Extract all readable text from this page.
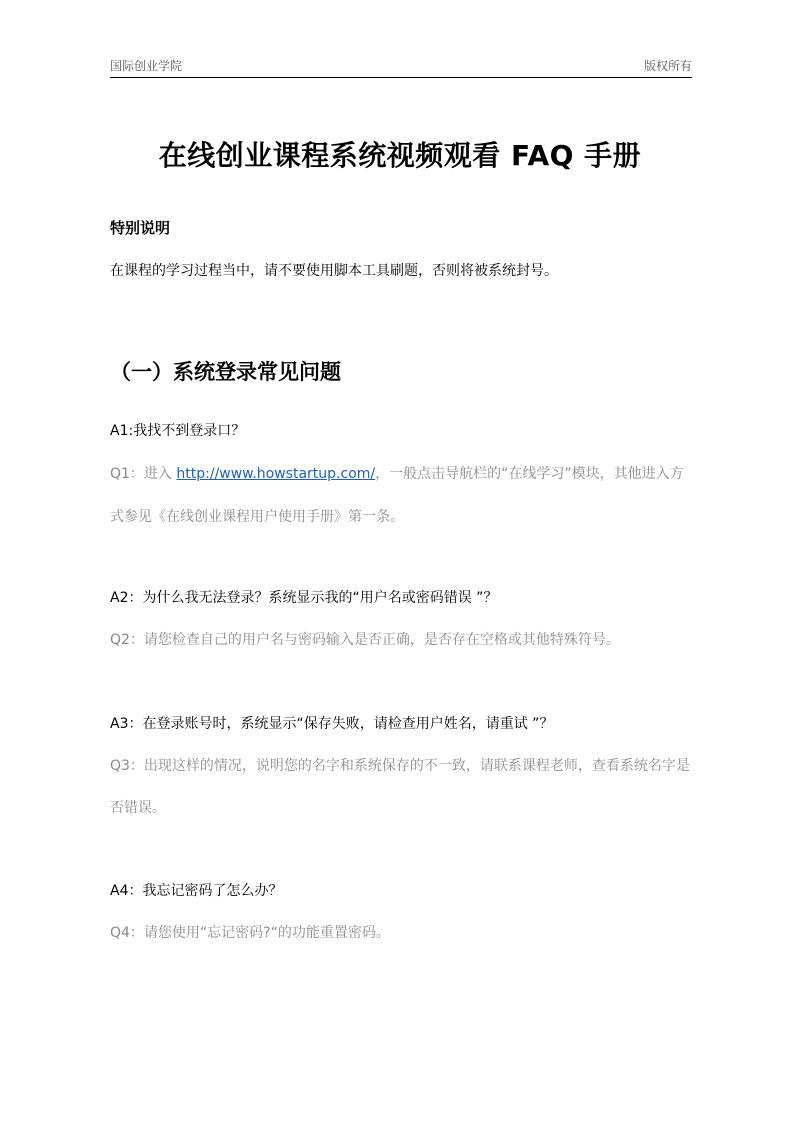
国际创业学院	版权所有
在线创业课程系统视频观看 FAQ 手册
特别说明
在课程的学习过程当中，请不要使用脚本工具刷题，否则将被系统封号。
（一）系统登录常见问题
A1:我找不到登录口？
Q1：进入 http://www.howstartup.com/，一般点击导航栏的“在线学习”模块，其他进入方
式参见《在线创业课程用户使用手册》第一条。
A2：为什么我无法登录？系统显示我的“用户名或密码错误 ”？
Q2：请您检查自己的用户名与密码输入是否正确，是否存在空格或其他特殊符号。
A3：在登录账号时，系统显示“保存失败，请检查用户姓名，请重试 ”？
Q3：出现这样的情况，说明您的名字和系统保存的不一致，请联系课程老师，查看系统名字是
否错误。
A4：我忘记密码了怎么办？
Q4：请您使用“忘记密码?“的功能重置密码。
